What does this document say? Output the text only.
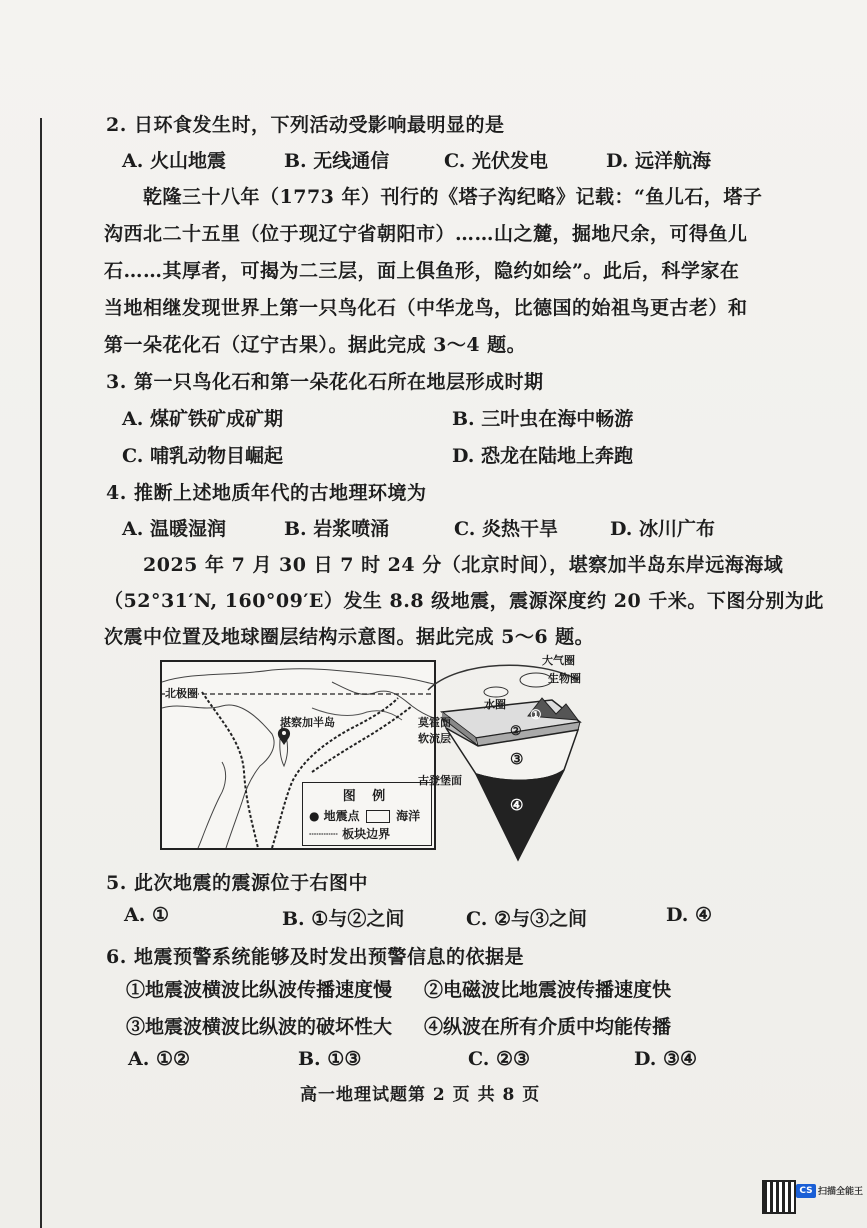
2. 日环食发生时，下列活动受影响最明显的是
A. 火山地震	B. 无线通信	C. 光伏发电	D. 远洋航海
乾隆三十八年（1773 年）刊行的《塔子沟纪略》记载：“鱼儿石，塔子
沟西北二十五里（位于现辽宁省朝阳市）……山之麓，掘地尺余，可得鱼儿
石……其厚者，可揭为二三层，面上俱鱼形，隐约如绘”。此后，科学家在
当地相继发现世界上第一只鸟化石（中华龙鸟，比德国的始祖鸟更古老）和
第一朵花化石（辽宁古果）。据此完成 3～4 题。
3. 第一只鸟化石和第一朵花化石所在地层形成时期
A. 煤矿铁矿成矿期	B. 三叶虫在海中畅游
C. 哺乳动物目崛起	D. 恐龙在陆地上奔跑
4. 推断上述地质年代的古地理环境为
A. 温暖湿润	B. 岩浆喷涌	C. 炎热干旱	D. 冰川广布
2025 年 7 月 30 日 7 时 24 分（北京时间），堪察加半岛东岸远海海域
（52°31′N, 160°09′E）发生 8.8 级地震，震源深度约 20 千米。下图分别为此
次震中位置及地球圈层结构示意图。据此完成 5～6 题。
北极圈
堪察加半岛
图 例
● 地震点	海洋
┄┄┄┄ 板块边界
大气圈
生物圈
水圈
莫霍面
软流层
古登堡面
①
②
③
④
5. 此次地震的震源位于右图中
A. ①	B. ①与②之间	C. ②与③之间	D. ④
6. 地震预警系统能够及时发出预警信息的依据是
①地震波横波比纵波传播速度慢 ②电磁波比地震波传播速度快
③地震波横波比纵波的破坏性大 ④纵波在所有介质中均能传播
A. ①②	B. ①③	C. ②③	D. ③④
高一地理试题第 2 页 共 8 页
CS 扫描全能王
